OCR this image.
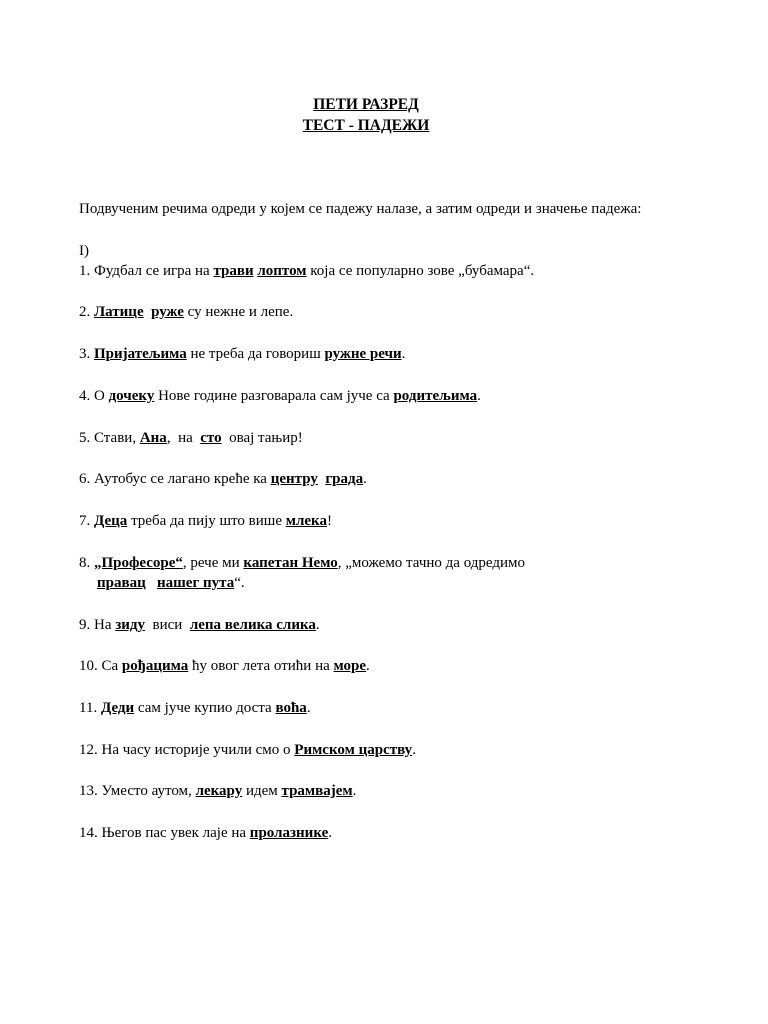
ПЕТИ РАЗРЕД
ТЕСТ - ПАДЕЖИ
Подвученим речима одреди у којем се падежу налазе, а затим одреди и значење падежа:
I)
1. Фудбал се игра на трави лоптом која се популарно зове „бубамара“.
2. Латице руже су нежне и лепе.
3. Пријатељима не треба да говориш ружне речи.
4. О дочеку Нове године разговарала сам јуче са родитељима.
5. Стави, Ана,  на  сто  овај тањир!
6. Аутобус се лагано креће ка центру града.
7. Деца треба да пију што више млека!
8. „Професоре“, рече ми капетан Немо, „можемо тачно да одредимо
правац нашег пута“.
9. На зиду  виси  лепа велика слика.
10. Са рођацима ћу овог лета отићи на море.
11. Деди сам јуче купио доста воћа.
12. На часу историје учили смо о Римском царству.
13. Уместо аутом, лекару идем трамвајем.
14. Његов пас увек лаје на пролазнике.
